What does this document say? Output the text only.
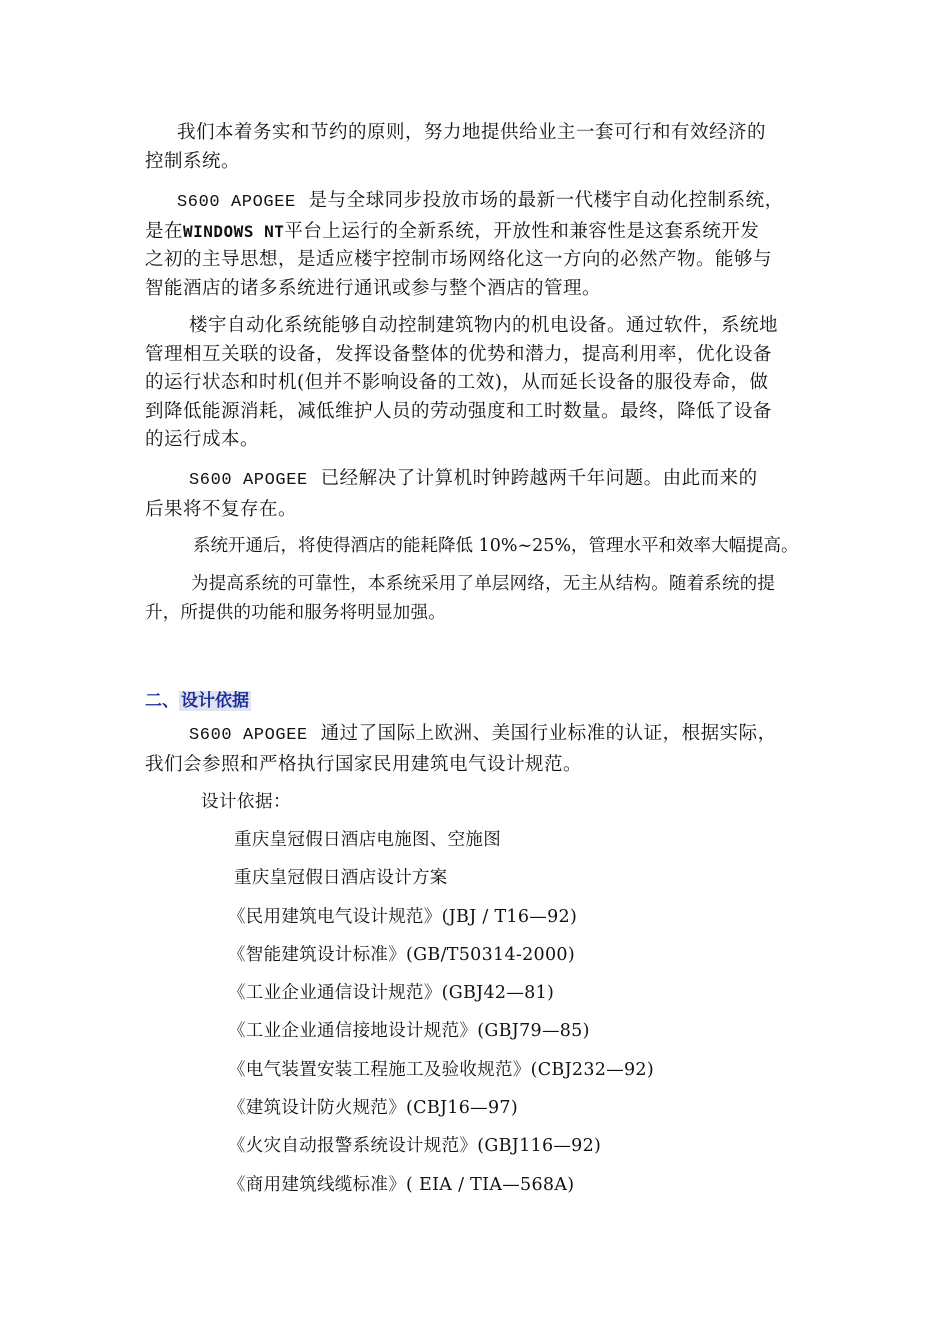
我们本着务实和节约的原则，努力地提供给业主一套可行和有效经济的
控制系统。
S600 APOGEE 是与全球同步投放市场的最新一代楼宇自动化控制系统，
是在WINDOWS NT平台上运行的全新系统，开放性和兼容性是这套系统开发
之初的主导思想，是适应楼宇控制市场网络化这一方向的必然产物。能够与
智能酒店的诸多系统进行通讯或参与整个酒店的管理。
楼宇自动化系统能够自动控制建筑物内的机电设备。通过软件，系统地
管理相互关联的设备，发挥设备整体的优势和潜力，提高利用率，优化设备
的运行状态和时机(但并不影响设备的工效)，从而延长设备的服役寿命，做
到降低能源消耗，减低维护人员的劳动强度和工时数量。最终，降低了设备
的运行成本。
S600 APOGEE 已经解决了计算机时钟跨越两千年问题。由此而来的
后果将不复存在。
系统开通后，将使得酒店的能耗降低 10%~25%，管理水平和效率大幅提高。
为提高系统的可靠性，本系统采用了单层网络，无主从结构。随着系统的提
升，所提供的功能和服务将明显加强。
二、 设计依据
S600 APOGEE 通过了国际上欧洲、美国行业标准的认证，根据实际，
我们会参照和严格执行国家民用建筑电气设计规范。
设计依据：
重庆皇冠假日酒店电施图、空施图
重庆皇冠假日酒店设计方案
《民用建筑电气设计规范》(JBJ / T16—92)
《智能建筑设计标准》(GB/T50314-2000)
《工业企业通信设计规范》(GBJ42—81)
《工业企业通信接地设计规范》(GBJ79—85)
《电气装置安装工程施工及验收规范》(CBJ232—92)
《建筑设计防火规范》(CBJ16—97)
《火灾自动报警系统设计规范》(GBJ116—92)
《商用建筑线缆标准》( EIA / TIA—568A)
